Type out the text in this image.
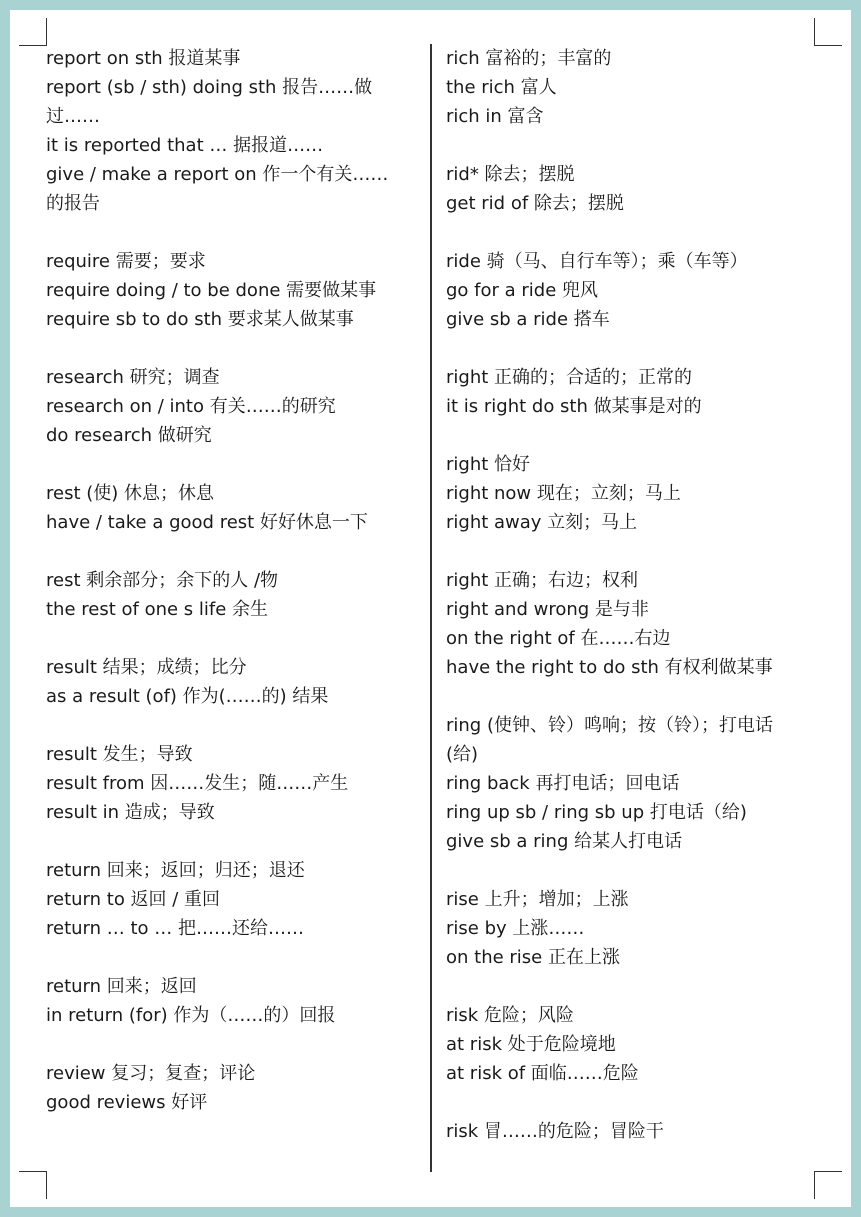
report on sth 报道某事
report (sb / sth) doing sth 报告……做
过……
it is reported that … 据报道……
give / make a report on 作一个有关……
的报告
require 需要；要求
require doing / to be done 需要做某事
require sb to do sth 要求某人做某事
research 研究；调查
research on / into 有关……的研究
do research 做研究
rest (使) 休息；休息
have / take a good rest 好好休息一下
rest 剩余部分；余下的人 /物
the rest of one s life 余生
result 结果；成绩；比分
as a result (of) 作为(……的) 结果
result 发生；导致
result from 因……发生；随……产生
result in 造成；导致
return 回来；返回；归还；退还
return to 返回 / 重回
return … to … 把……还给……
return 回来；返回
in return (for) 作为（……的）回报
review 复习；复查；评论
good reviews 好评
rich 富裕的；丰富的
the rich 富人
rich in 富含
rid* 除去；摆脱
get rid of 除去；摆脱
ride 骑（马、自行车等）；乘（车等）
go for a ride 兜风
give sb a ride 搭车
right 正确的；合适的；正常的
it is right do sth 做某事是对的
right 恰好
right now 现在；立刻；马上
right away 立刻；马上
right 正确；右边；权利
right and wrong 是与非
on the right of 在……右边
have the right to do sth 有权利做某事
ring (使钟、铃）鸣响；按（铃）；打电话
(给)
ring back 再打电话；回电话
ring up sb / ring sb up 打电话（给)
give sb a ring 给某人打电话
rise 上升；增加；上涨
rise by 上涨……
on the rise 正在上涨
risk 危险；风险
at risk 处于危险境地
at risk of 面临……危险
risk 冒……的危险；冒险干
